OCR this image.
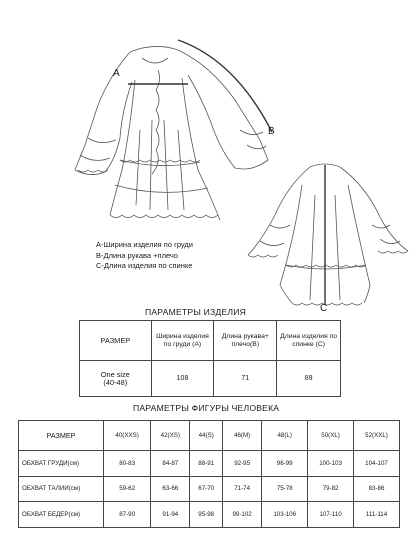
A
B
C
A-Ширина изделия по груди
B-Длина рукава +плечо
C-Длина изделия по спинке
ПАРАМЕТРЫ ИЗДЕЛИЯ
РАЗМЕР	Ширина изделия по груди (A)	Длина рукава+ плечо(B)	Длина изделия по спинке (C)

One size
(40-48)	108	71	89
ПАРАМЕТРЫ ФИГУРЫ ЧЕЛОВЕКА
РАЗМЕР	40(XXS)	42(XS)	44(S)	46(M)	48(L)	50(XL)	52(XXL)
ОБХВАТ ГРУДИ(см)	80-83	84-87	88-91	92-95	96-99	100-103	104-107
ОБХВАТ ТАЛИИ(см)	59-62	63-66	67-70	71-74	75-78	79-82	83-86
ОБХВАТ БЕДЕР(см)	87-90	91-94	95-98	99-102	103-106	107-110	111-114
